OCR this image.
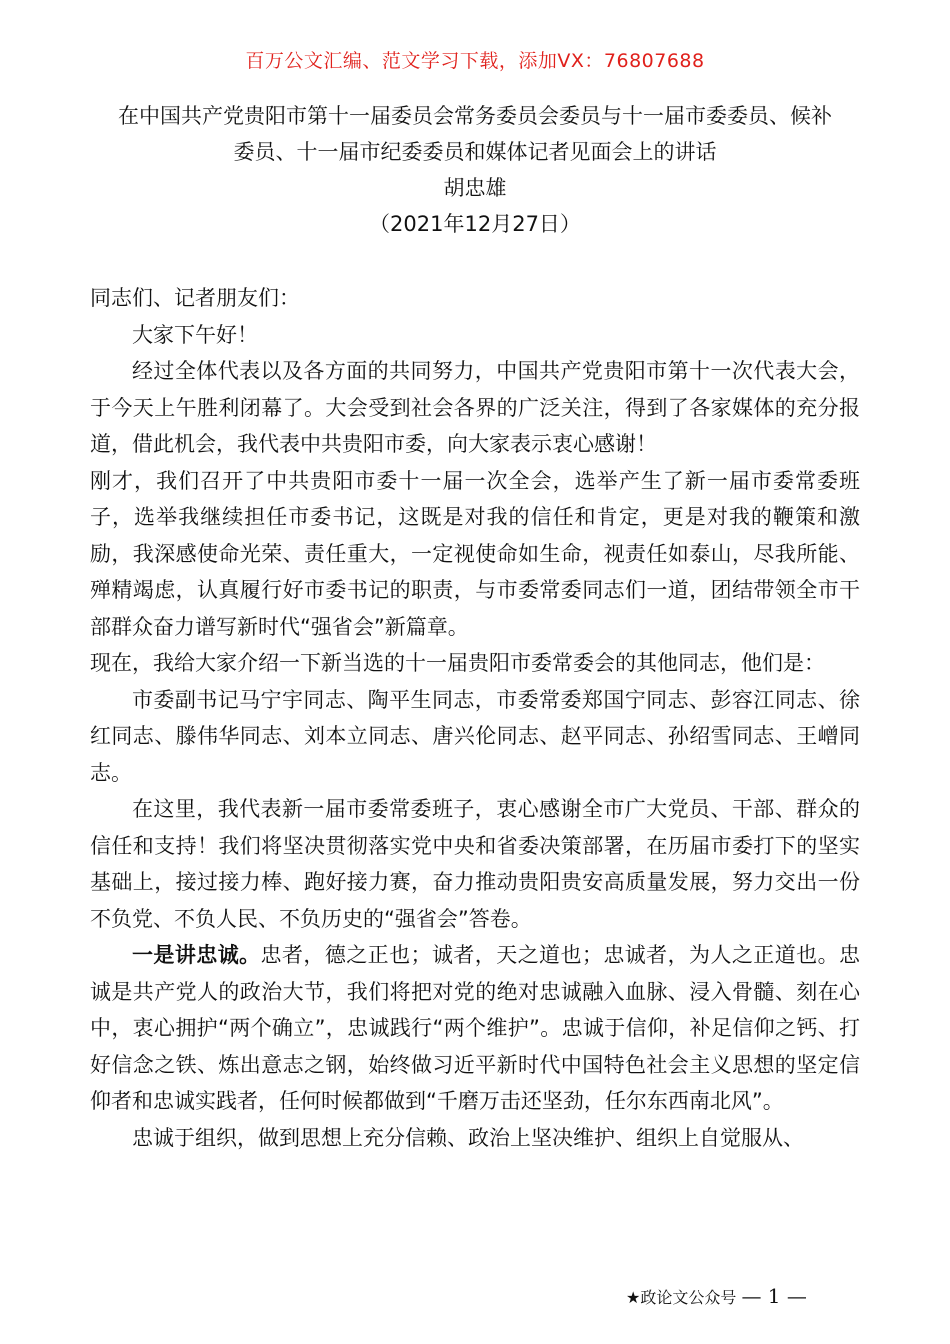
百万公文汇编、范文学习下载，添加VX：76807688
在中国共产党贵阳市第十一届委员会常务委员会委员与十一届市委委员、候补
委员、十一届市纪委委员和媒体记者见面会上的讲话
胡忠雄
（2021年12月27日）

同志们、记者朋友们：

大家下午好！

经过全体代表以及各方面的共同努力，中国共产党贵阳市第十一次代表大会，于今天上午胜利闭幕了。大会受到社会各界的广泛关注，得到了各家媒体的充分报道，借此机会，我代表中共贵阳市委，向大家表示衷心感谢！

刚才，我们召开了中共贵阳市委十一届一次全会，选举产生了新一届市委常委班子，选举我继续担任市委书记，这既是对我的信任和肯定，更是对我的鞭策和激励，我深感使命光荣、责任重大，一定视使命如生命，视责任如泰山，尽我所能、殚精竭虑，认真履行好市委书记的职责，与市委常委同志们一道，团结带领全市干部群众奋力谱写新时代“强省会”新篇章。

现在，我给大家介绍一下新当选的十一届贵阳市委常委会的其他同志，他们是：

市委副书记马宁宇同志、陶平生同志，市委常委郑国宁同志、彭容江同志、徐红同志、滕伟华同志、刘本立同志、唐兴伦同志、赵平同志、孙绍雪同志、王嶒同志。

在这里，我代表新一届市委常委班子，衷心感谢全市广大党员、干部、群众的信任和支持！我们将坚决贯彻落实党中央和省委决策部署，在历届市委打下的坚实基础上，接过接力棒、跑好接力赛，奋力推动贵阳贵安高质量发展，努力交出一份不负党、不负人民、不负历史的“强省会”答卷。

一是讲忠诚。忠者，德之正也；诚者，天之道也；忠诚者，为人之正道也。忠诚是共产党人的政治大节，我们将把对党的绝对忠诚融入血脉、浸入骨髓、刻在心中，衷心拥护“两个确立”，忠诚践行“两个维护”。忠诚于信仰，补足信仰之钙、打好信念之铁、炼出意志之钢，始终做习近平新时代中国特色社会主义思想的坚定信仰者和忠诚实践者，任何时候都做到“千磨万击还坚劲，任尔东西南北风”。

忠诚于组织，做到思想上充分信赖、政治上坚决维护、组织上自觉服从、

★政论文公众号 — 1 —
